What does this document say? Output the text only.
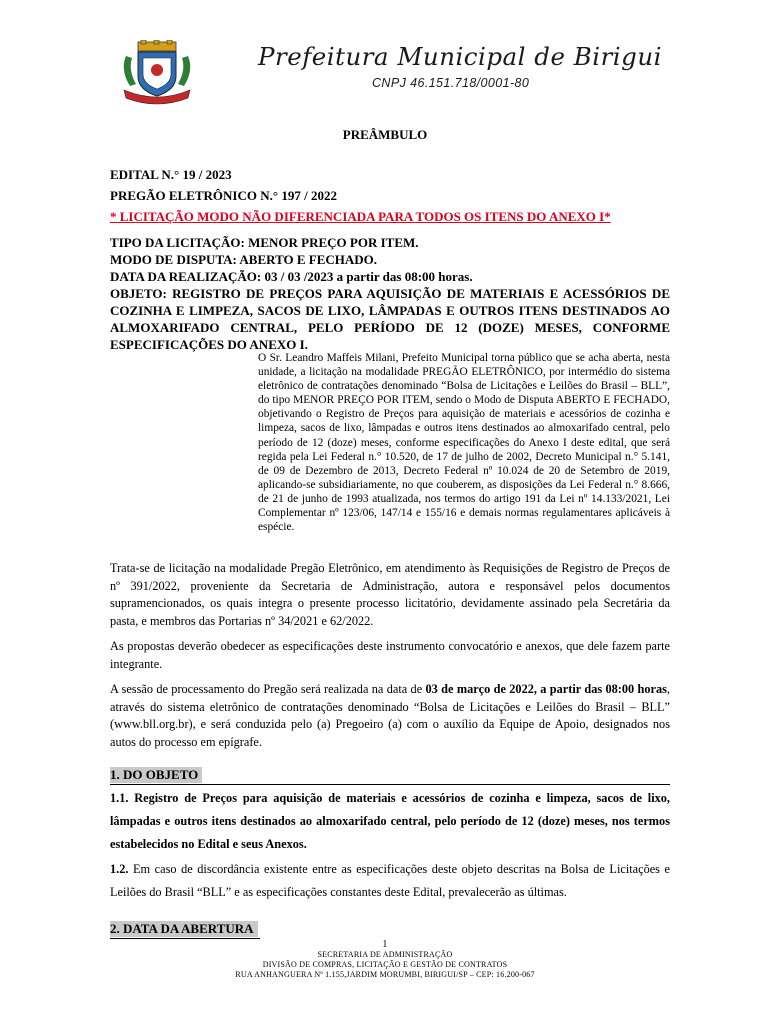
Prefeitura Municipal de Birigui
CNPJ 46.151.718/0001-80
PREÂMBULO

EDITAL N.° 19 / 2023

PREGÃO ELETRÔNICO N.° 197 / 2022

* LICITAÇÃO MODO NÃO DIFERENCIADA PARA TODOS OS ITENS DO ANEXO I*

TIPO DA LICITAÇÃO: MENOR PREÇO POR ITEM.

MODO DE DISPUTA: ABERTO E FECHADO.

DATA DA REALIZAÇÃO: 03 / 03 /2023 a partir das 08:00 horas.

OBJETO: REGISTRO DE PREÇOS PARA AQUISIÇÃO DE MATERIAIS E ACESSÓRIOS DE COZINHA E LIMPEZA, SACOS DE LIXO, LÂMPADAS E OUTROS ITENS DESTINADOS AO ALMOXARIFADO CENTRAL, PELO PERÍODO DE 12 (DOZE) MESES, CONFORME ESPECIFICAÇÕES DO ANEXO I.

O Sr. Leandro Maffeis Milani, Prefeito Municipal torna público que se acha aberta, nesta unidade, a licitação na modalidade PREGÃO ELETRÔNICO, por intermédio do sistema eletrônico de contratações denominado “Bolsa de Licitações e Leilões do Brasil – BLL”, do tipo MENOR PREÇO POR ITEM, sendo o Modo de Disputa ABERTO E FECHADO, objetivando o Registro de Preços para aquisição de materiais e acessórios de cozinha e limpeza, sacos de lixo, lâmpadas e outros itens destinados ao almoxarifado central, pelo período de 12 (doze) meses, conforme especificações do Anexo I deste edital, que será regida pela Lei Federal n.° 10.520, de 17 de julho de 2002, Decreto Municipal n.° 5.141, de 09 de Dezembro de 2013, Decreto Federal nº 10.024 de 20 de Setembro de 2019, aplicando-se subsidiariamente, no que couberem, as disposições da Lei Federal n.° 8.666, de 21 de junho de 1993 atualizada, nos termos do artigo 191 da Lei nº 14.133/2021, Lei Complementar nº 123/06, 147/14 e 155/16 e demais normas regulamentares aplicáveis à espécie.

Trata-se de licitação na modalidade Pregão Eletrônico, em atendimento às Requisições de Registro de Preços de nº 391/2022, proveniente da Secretaria de Administração, autora e responsável pelos documentos supramencionados, os quais integra o presente processo licitatório, devidamente assinado pela Secretária da pasta, e membros das Portarias nº 34/2021 e 62/2022.

As propostas deverão obedecer as especificações deste instrumento convocatório e anexos, que dele fazem parte integrante.

A sessão de processamento do Pregão será realizada na data de 03 de março de 2022, a partir das 08:00 horas, através do sistema eletrônico de contratações denominado “Bolsa de Licitações e Leilões do Brasil – BLL” (www.bll.org.br), e será conduzida pelo (a) Pregoeiro (a) com o auxílio da Equipe de Apoio, designados nos autos do processo em epígrafe.

1. DO OBJETO

1.1. Registro de Preços para aquisição de materiais e acessórios de cozinha e limpeza, sacos de lixo, lâmpadas e outros itens destinados ao almoxarifado central, pelo período de 12 (doze) meses, nos termos estabelecidos no Edital e seus Anexos.

1.2. Em caso de discordância existente entre as especificações deste objeto descritas na Bolsa de Licitações e Leilões do Brasil “BLL” e as especificações constantes deste Edital, prevalecerão as últimas.

2. DATA DA ABERTURA
1
SECRETARIA DE ADMINISTRAÇÃO
DIVISÃO DE COMPRAS, LICITAÇÃO E GESTÃO DE CONTRATOS
RUA ANHANGUERA Nº 1.155,JARDIM MORUMBI, BIRIGUI/SP – CEP: 16.200-067
